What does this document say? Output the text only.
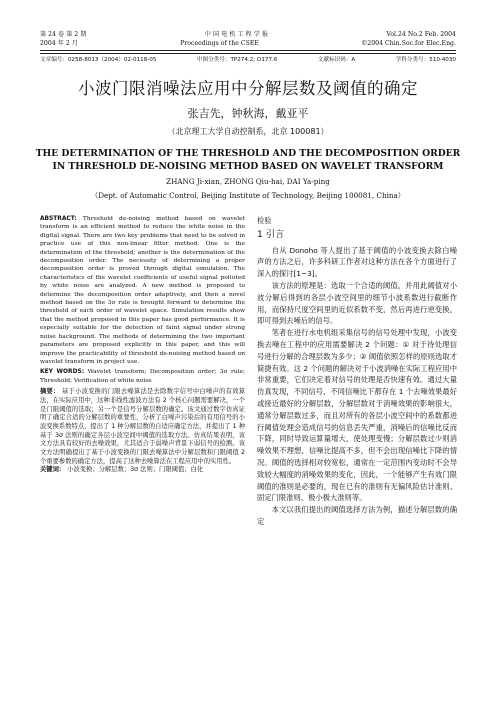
第 24 卷 第 2 期	中 国 电 机 工 程 学 报	Vol.24 No.2 Feb. 2004
2004 年 2 月	Proceedings of the CSEE	©2004 Chin.Soc.for Elec.Eng.
文章编号：0258-8013（2004）02-0118-05	中图分类号：TP274.2; O177.6	文献标识码：A	学科分类号：510·4030
小波门限消噪法应用中分解层数及阈值的确定
张吉先，钟秋海，戴亚平
（北京理工大学自动控制系，北京 100081）
THE DETERMINATION OF THE THRESHOLD AND THE DECOMPOSITION ORDER
IN THRESHOLD DE-NOISING METHOD BASED ON WAVELET TRANSFORM
ZHANG Ji-xian, ZHONG Qiu-hai, DAI Ya-ping
（Dept. of Automatic Control, Beijing Institute of Technology, Beijing 100081, China）
ABSTRACT: Threshold de-noising method based on wavelet transform is an efficient method to reduce the white noise in the digital signal. There are two key problems that need to be solved in practice use of this non-linear filter method. One is the determination of the threshold; another is the determination of the decomposition order. The necessity of determining a proper decomposition order is proved through digital simulation. The characteristics of the wavelet coefficients of useful signal polluted by white noise are analyzed. A new method is proposed to determine the decomposition order adaptively, and then a novel method based on the 3σ rule is brought forward to determine the threshold of each order of wavelet space. Simulation results show that the method proposed in this paper has good performance. It is especially suitable for the detection of faint signal under strong noise background. The methods of determining the two important parameters are proposed explicitly in this paper, and this will improve the practicability of threshold de-noising method based on wavelet transform in project use.
KEY WORDS: Wavelet transform; Decomposition order; 3σ rule; Threshold; Verification of white noise
摘要： 基于小波变换的门限去噪算法是去除数字信号中白噪声的有效算法，在实际应用中，这种非线性滤波方法有 2 个核心问题需要解决，一个是门限阈值的选取；另一个是信号分解层数的确定。该文通过数字仿真证明了确定合适的分解层数的重要性，分析了白噪声污染后的有用信号的小波变换系数特点，提出了 1 种分解层数的自适应确定方法，并提出了 1 种基于 3σ 法则的确定各层小波空间中阈值的选取方法。仿真结果表明，该文方法具有较好的去噪效果，尤其适合于弱噪声背景下弱信号的检测。该文方法明确提出了基于小波变换的门限去噪算法中分解层数和门限阈值 2 个重要参数的确定方法，提高了这种去噪算法在工程应用中的实用性。
关键词： 小波变换；分解层数；3σ 法则；门限阈值；白化
检验
1 引言

自从 Donoho 等人提出了基于阈值的小波变换去除白噪声的方法之后，许多科研工作者对这种方法在各个方面进行了深入的探讨[1~3]。

该方法的原理是：选取一个合适的阈值，并用此阈值对小波分解后得到的各层小波空间里的细节小波系数进行截断作用，而保持尺度空间里的近似系数不变，然后再进行逆变换，即可得到去噪后的信号。

笔者在进行水电机组采集信号的信号处理中发现，小波变换去噪在工程中的应用需要解决 2 个问题：① 对于待处理信号进行分解的合理层数为多少；② 阈值依照怎样的原则选取才简捷有效。这 2 个问题的解决对于小波消噪在实际工程应用中非常重要，它们决定着对信号的处理是否快速有效。通过大量仿真发现，不同信号、不同信噪比下都存在 1 个去噪效果最好或接近最好的分解层数，分解层数对于消噪效果的影响很大，通常分解层数过多，而且对所有的各层小波空间中的系数都进行阈值处理会造成信号的信息丢失严重，消噪后的信噪比反而下降，同时导致运算量增大，使处理变慢；分解层数过少则消噪效果不理想，信噪比提高不多，但不会出现信噪比下降的情况。阈值的选择相对较宽松，通常在一定范围内变动时不会导致较大幅度的消噪效果的变化，因此，一个能够产生有效门限阈值的准则是必要的，现在已有的准则有无偏风险估计准则、固定门限准则、极小极大准则等。

本文以我们提出的阈值选择方法为例，描述分解层数的确定
